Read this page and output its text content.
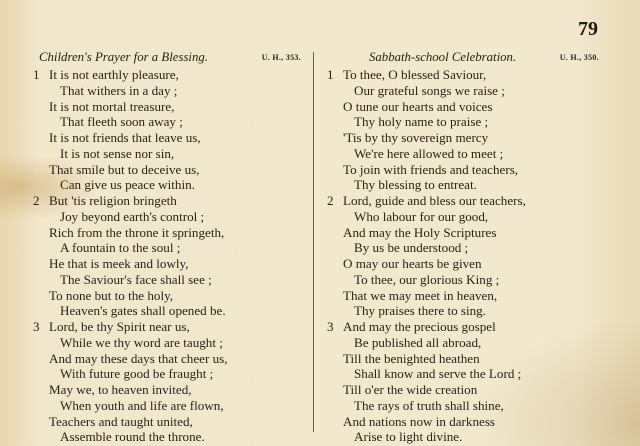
79
Children's Prayer for a Blessing.	U. H., 353.
1 It is not earthly pleasure,
That withers in a day ;
It is not mortal treasure,
That fleeth soon away ;
It is not friends that leave us,
It is not sense nor sin,
That smile but to deceive us,
Can give us peace within.
2 But 'tis religion bringeth
Joy beyond earth's control ;
Rich from the throne it springeth,
A fountain to the soul ;
He that is meek and lowly,
The Saviour's face shall see ;
To none but to the holy,
Heaven's gates shall opened be.
3 Lord, be thy Spirit near us,
While we thy word are taught ;
And may these days that cheer us,
With future good be fraught ;
May we, to heaven invited,
When youth and life are flown,
Teachers and taught united,
Assemble round the throne.
Sabbath-school Celebration.	U. H., 350.
1 To thee, O blessed Saviour,
Our grateful songs we raise ;
O tune our hearts and voices
Thy holy name to praise ;
'Tis by thy sovereign mercy
We're here allowed to meet ;
To join with friends and teachers,
Thy blessing to entreat.
2 Lord, guide and bless our teachers,
Who labour for our good,
And may the Holy Scriptures
By us be understood ;
O may our hearts be given
To thee, our glorious King ;
That we may meet in heaven,
Thy praises there to sing.
3 And may the precious gospel
Be published all abroad,
Till the benighted heathen
Shall know and serve the Lord ;
Till o'er the wide creation
The rays of truth shall shine,
And nations now in darkness
Arise to light divine.
